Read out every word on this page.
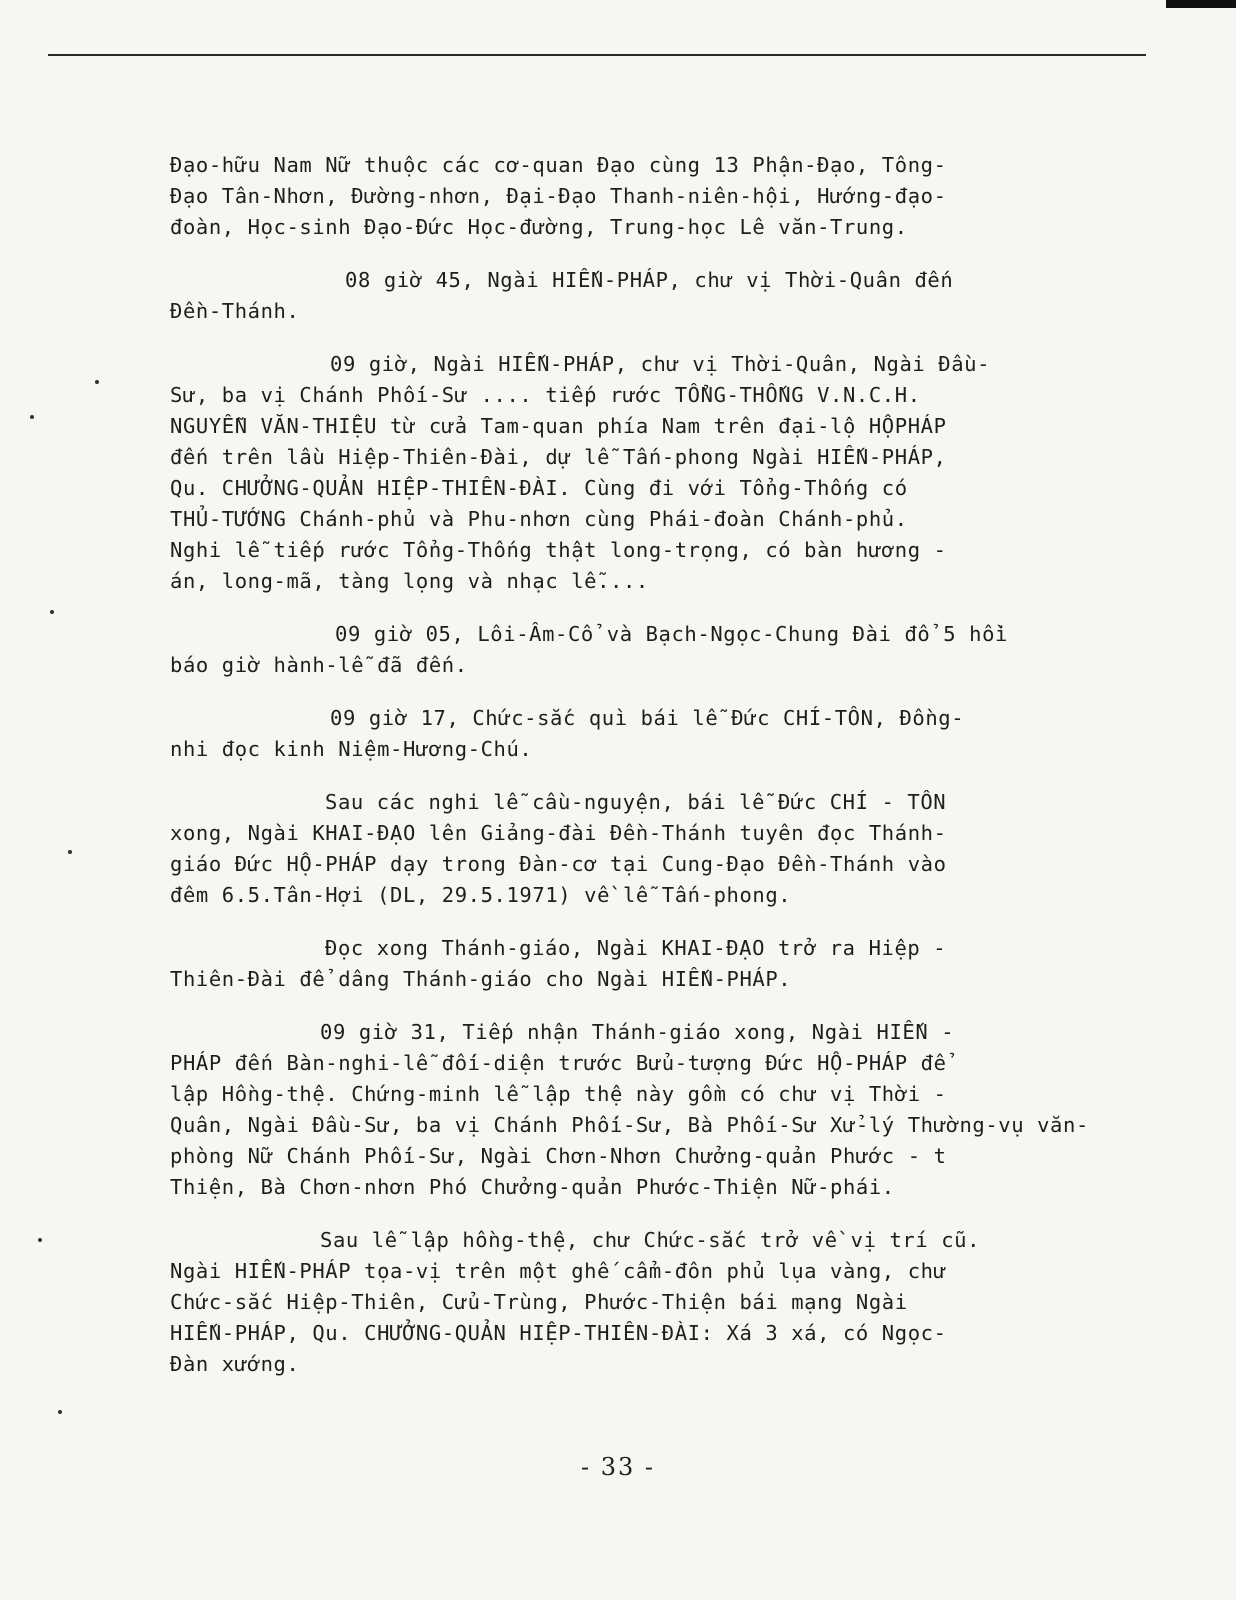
Đạo-hữu Nam Nữ thuộc các cơ-quan Đạo cùng 13 Phận-Đạo, Tông-
Đạo Tân-Nhơn, Đường-nhơn, Đại-Đạo Thanh-niên-hội, Hướng-đạo-
đoàn, Học-sinh Đạo-Đức Học-đường, Trung-học Lê văn-Trung.
08 giờ 45, Ngài HIẾN-PHÁP, chư vị Thời-Quân đến
Đền-Thánh.
09 giờ, Ngài HIẾN-PHÁP, chư vị Thời-Quân, Ngài Đầu-
Sư, ba vị Chánh Phối-Sư .... tiếp rước TỔNG-THỐNG V.N.C.H.
NGUYỄN VĂN-THIỆU từ cửa Tam-quan phía Nam trên đại-lộ HỘPHÁP
đến trên lầu Hiệp-Thiên-Đài, dự lễ Tấn-phong Ngài HIẾN-PHÁP,
Qu. CHƯỞNG-QUẢN HIỆP-THIÊN-ĐÀI. Cùng đi với Tổng-Thống có
THỦ-TƯỚNG Chánh-phủ và Phu-nhơn cùng Phái-đoàn Chánh-phủ.
Nghi lễ tiếp rước Tổng-Thống thật long-trọng, có bàn hương -
án, long-mã, tàng lọng và nhạc lễ....
09 giờ 05, Lôi-Âm-Cổ và Bạch-Ngọc-Chung Đài đổ 5 hồi
báo giờ hành-lễ đã đến.
09 giờ 17, Chức-sắc quì bái lễ Đức CHÍ-TÔN, Đồng-
nhi đọc kinh Niệm-Hương-Chú.
Sau các nghi lễ cầu-nguyện, bái lễ Đức CHÍ - TÔN
xong, Ngài KHAI-ĐẠO lên Giảng-đài Đền-Thánh tuyên đọc Thánh-
giáo Đức HỘ-PHÁP dạy trong Đàn-cơ tại Cung-Đạo Đền-Thánh vào
đêm 6.5.Tân-Hợi (DL, 29.5.1971) về lễ Tấn-phong.
Đọc xong Thánh-giáo, Ngài KHAI-ĐẠO trở ra Hiệp -
Thiên-Đài để dâng Thánh-giáo cho Ngài HIẾN-PHÁP.
09 giờ 31, Tiếp nhận Thánh-giáo xong, Ngài HIẾN -
PHÁP đến Bàn-nghi-lễ đối-diện trước Bửu-tượng Đức HỘ-PHÁP để
lập Hồng-thệ. Chứng-minh lễ lập thệ này gồm có chư vị Thời -
Quân, Ngài Đầu-Sư, ba vị Chánh Phối-Sư, Bà Phối-Sư Xử-lý Thường-vụ văn-
phòng Nữ Chánh Phối-Sư, Ngài Chơn-Nhơn Chưởng-quản Phước - t
Thiện, Bà Chơn-nhơn Phó Chưởng-quản Phước-Thiện Nữ-phái.
Sau lễ lập hồng-thệ, chư Chức-sắc trở về vị trí cũ.
Ngài HIẾN-PHÁP tọa-vị trên một ghế cẩm-đôn phủ lụa vàng, chư
Chức-sắc Hiệp-Thiên, Cửu-Trùng, Phước-Thiện bái mạng Ngài
HIẾN-PHÁP, Qu. CHƯỞNG-QUẢN HIỆP-THIÊN-ĐÀI: Xá 3 xá, có Ngọc-
Đàn xướng.
- 33 -
